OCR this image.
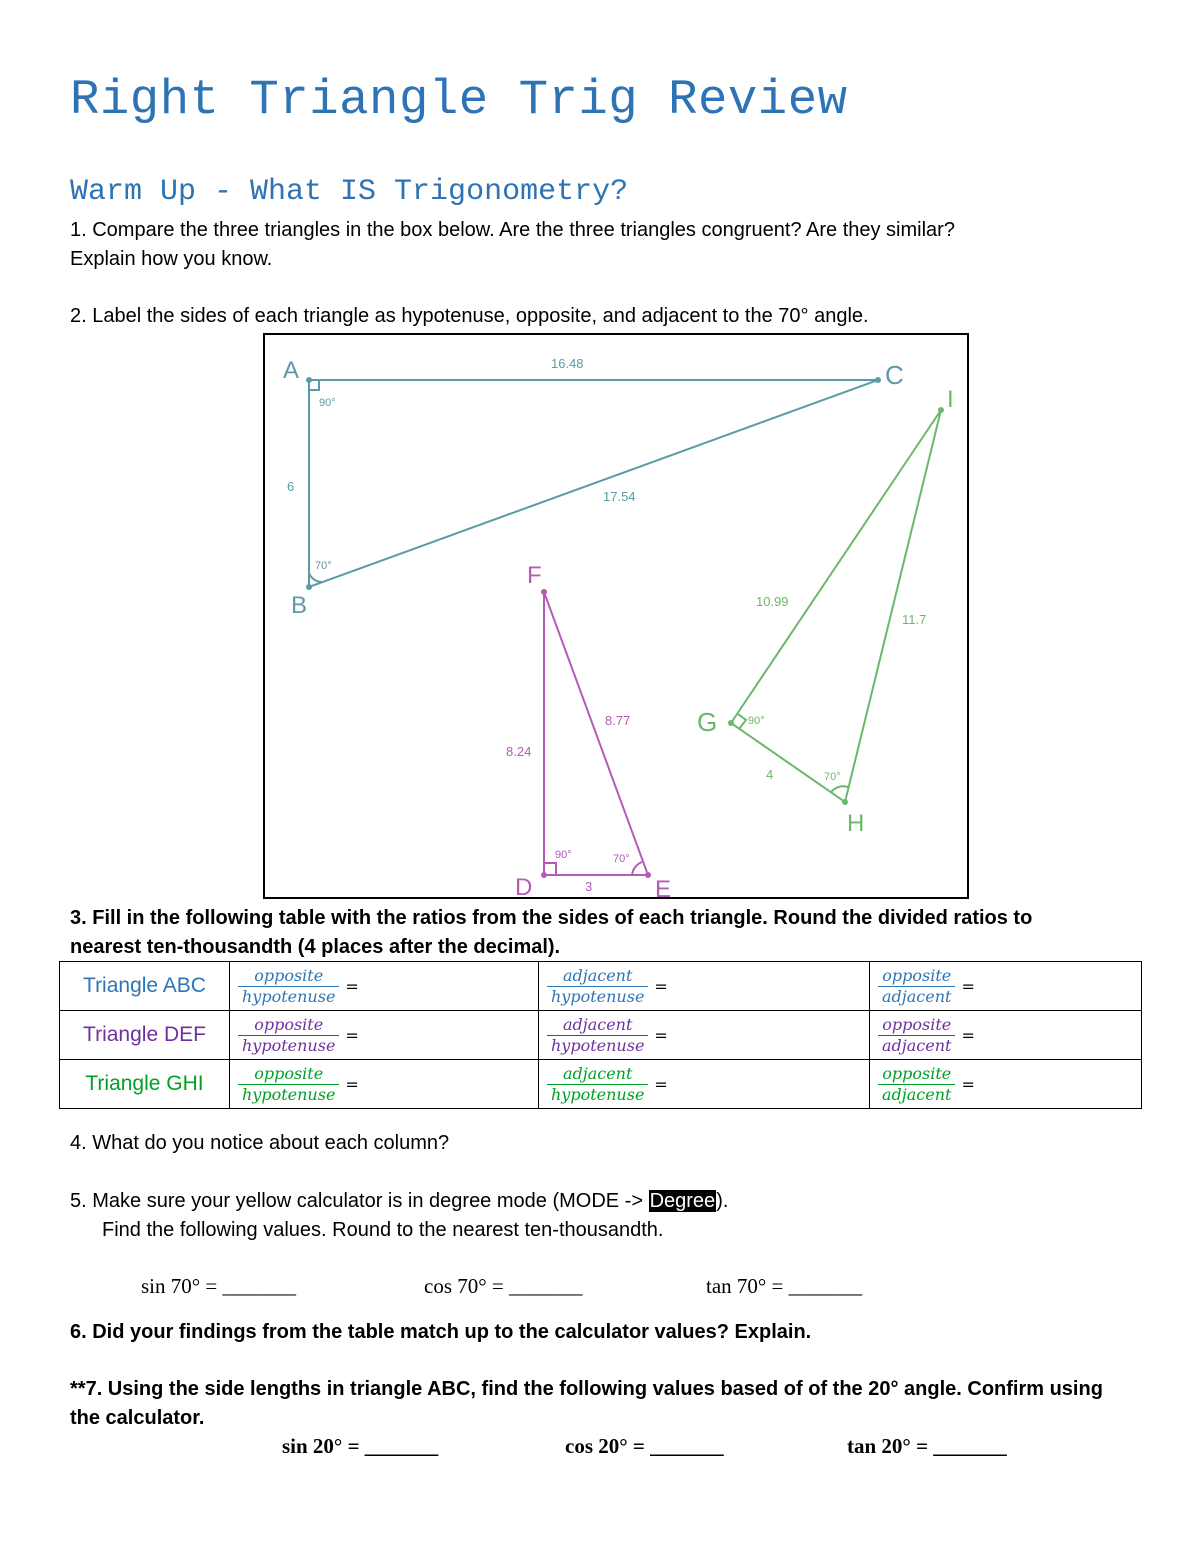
Right Triangle Trig Review
Warm Up - What IS Trigonometry?
1. Compare the three triangles in the box below. Are the three triangles congruent? Are they similar?
Explain how you know.
2. Label the sides of each triangle as hypotenuse, opposite, and adjacent to the 70° angle.
A
B
C
16.48
6
17.54
90°
70°	F
D	E
8.24
3
8.77
90°	70°
G
H
I
10.99
11.7
4
90°
70°
3. Fill in the following table with the ratios from the sides of each triangle. Round the divided ratios to
nearest ten-thousandth (4 places after the decimal).
Triangle ABC	$\frac{\text{opposite}}{\text{hypotenuse}}$ =	$\frac{\text{adjacent}}{\text{hypotenuse}}$ =	$\frac{\text{opposite}}{\text{adjacent}}$ =

Triangle DEF	$\frac{\text{opposite}}{\text{hypotenuse}}$ =	$\frac{\text{adjacent}}{\text{hypotenuse}}$ =	$\frac{\text{opposite}}{\text{adjacent}}$ =

Triangle GHI	$\frac{\text{opposite}}{\text{hypotenuse}}$ =	$\frac{\text{adjacent}}{\text{hypotenuse}}$ =	$\frac{\text{opposite}}{\text{adjacent}}$ =
4. What do you notice about each column?
5. Make sure your yellow calculator is in degree mode (MODE -> Degree).
Find the following values. Round to the nearest ten-thousandth.
sin 70° = _______	cos 70° = _______	tan 70° = _______
6. Did your findings from the table match up to the calculator values? Explain.
**7. Using the side lengths in triangle ABC, find the following values based of of the 20° angle. Confirm using
the calculator.
sin 20° = _______	cos 20° = _______	tan 20° = _______
